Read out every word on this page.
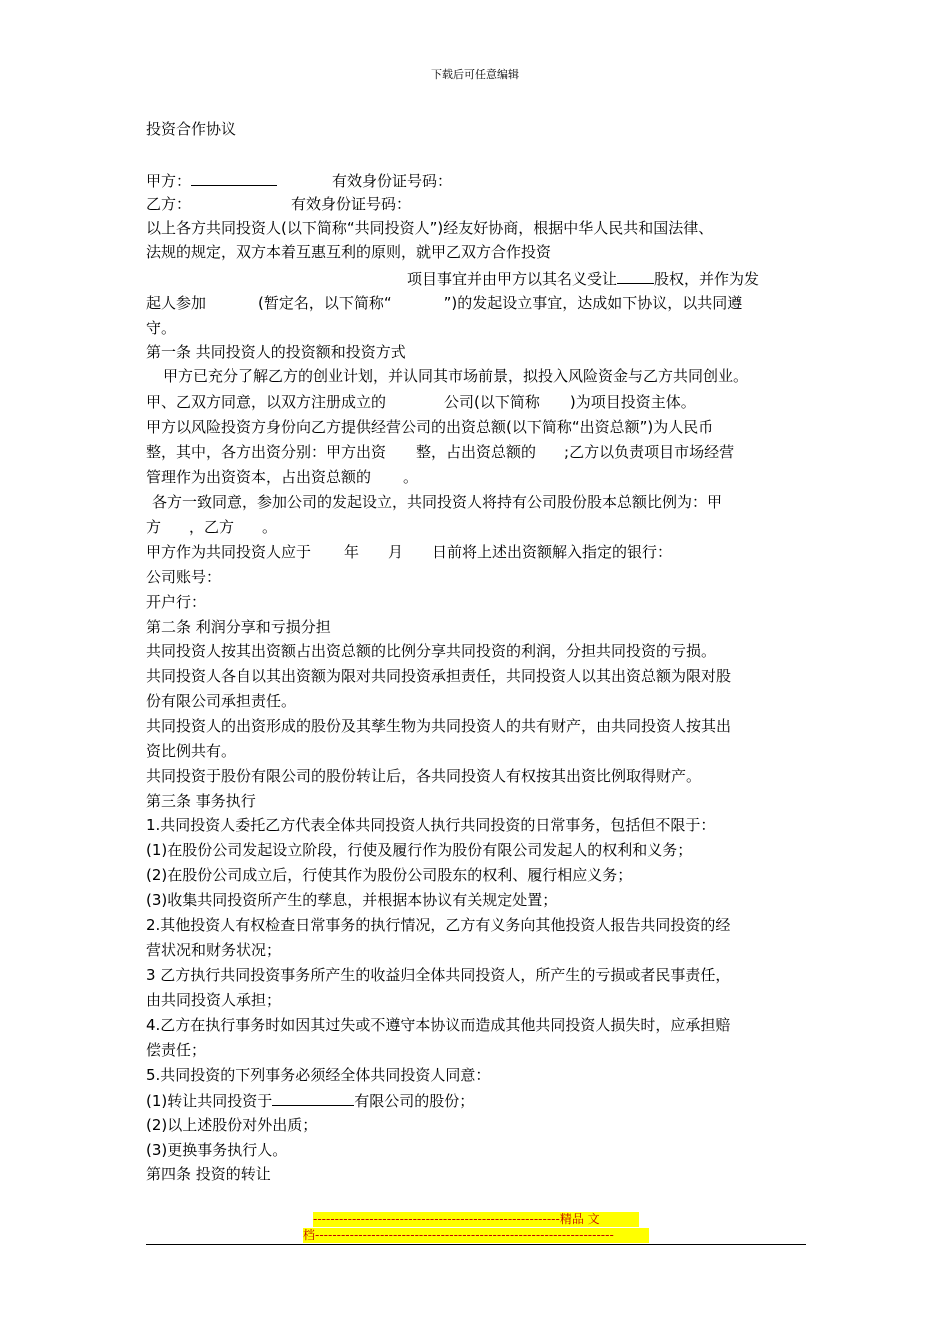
下载后可任意编辑
投资合作协议
甲方：	有效身份证号码：
乙方：	有效身份证号码：
以上各方共同投资人(以下简称“共同投资人”)经友好协商，根据中华人民共和国法律、
法规的规定，双方本着互惠互利的原则，就甲乙双方合作投资
项目事宜并由甲方以其名义受让 股权，并作为发
起人参加	(暂定名，以下简称“	”)的发起设立事宜，达成如下协议，以共同遵
守。
第一条 共同投资人的投资额和投资方式
甲方已充分了解乙方的创业计划，并认同其市场前景，拟投入风险资金与乙方共同创业。
甲、乙双方同意，以双方注册成立的	公司(以下简称 )为项目投资主体。
甲方以风险投资方身份向乙方提供经营公司的出资总额(以下简称“出资总额”)为人民币
整，其中，各方出资分别：甲方出资 整，占出资总额的 ;乙方以负责项目市场经营
管理作为出资资本，占出资总额的 。
各方一致同意，参加公司的发起设立，共同投资人将持有公司股份股本总额比例为：甲
方 ，乙方 。
甲方作为共同投资人应于 年 月 日前将上述出资额解入指定的银行：
公司账号：
开户行：
第二条 利润分享和亏损分担
共同投资人按其出资额占出资总额的比例分享共同投资的利润，分担共同投资的亏损。
共同投资人各自以其出资额为限对共同投资承担责任，共同投资人以其出资总额为限对股
份有限公司承担责任。
共同投资人的出资形成的股份及其孳生物为共同投资人的共有财产，由共同投资人按其出
资比例共有。
共同投资于股份有限公司的股份转让后，各共同投资人有权按其出资比例取得财产。
第三条 事务执行
1.共同投资人委托乙方代表全体共同投资人执行共同投资的日常事务，包括但不限于：
(1)在股份公司发起设立阶段，行使及履行作为股份有限公司发起人的权利和义务；
(2)在股份公司成立后，行使其作为股份公司股东的权利、履行相应义务；
(3)收集共同投资所产生的孳息，并根据本协议有关规定处置；
2.其他投资人有权检查日常事务的执行情况，乙方有义务向其他投资人报告共同投资的经
营状况和财务状况；
3 乙方执行共同投资事务所产生的收益归全体共同投资人，所产生的亏损或者民事责任，
由共同投资人承担；
4.乙方在执行事务时如因其过失或不遵守本协议而造成其他共同投资人损失时，应承担赔
偿责任；
5.共同投资的下列事务必须经全体共同投资人同意：
(1)转让共同投资于	有限公司的股份；
(2)以上述股份对外出质；
(3)更换事务执行人。
第四条 投资的转让
---------------------------------------------------------精品 文
档---------------------------------------------------------------------
